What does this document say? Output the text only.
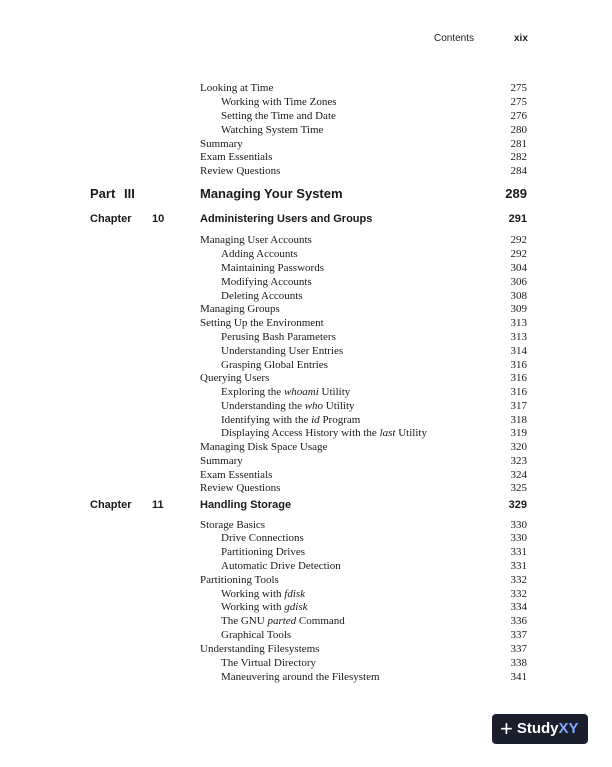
Contents	xix
Looking at Time	275
Working with Time Zones	275
Setting the Time and Date	276
Watching System Time	280
Summary	281
Exam Essentials	282
Review Questions	284
Part III	Managing Your System	289
Chapter 10	Administering Users and Groups	291
Managing User Accounts	292
Adding Accounts	292
Maintaining Passwords	304
Modifying Accounts	306
Deleting Accounts	308
Managing Groups	309
Setting Up the Environment	313
Perusing Bash Parameters	313
Understanding User Entries	314
Grasping Global Entries	316
Querying Users	316
Exploring the whoami Utility	316
Understanding the who Utility	317
Identifying with the id Program	318
Displaying Access History with the last Utility	319
Managing Disk Space Usage	320
Summary	323
Exam Essentials	324
Review Questions	325
Chapter 11	Handling Storage	329
Storage Basics	330
Drive Connections	330
Partitioning Drives	331
Automatic Drive Detection	331
Partitioning Tools	332
Working with fdisk	332
Working with gdisk	334
The GNU parted Command	336
Graphical Tools	337
Understanding Filesystems	337
The Virtual Directory	338
Maneuvering around the Filesystem	341
+ StudyXY
